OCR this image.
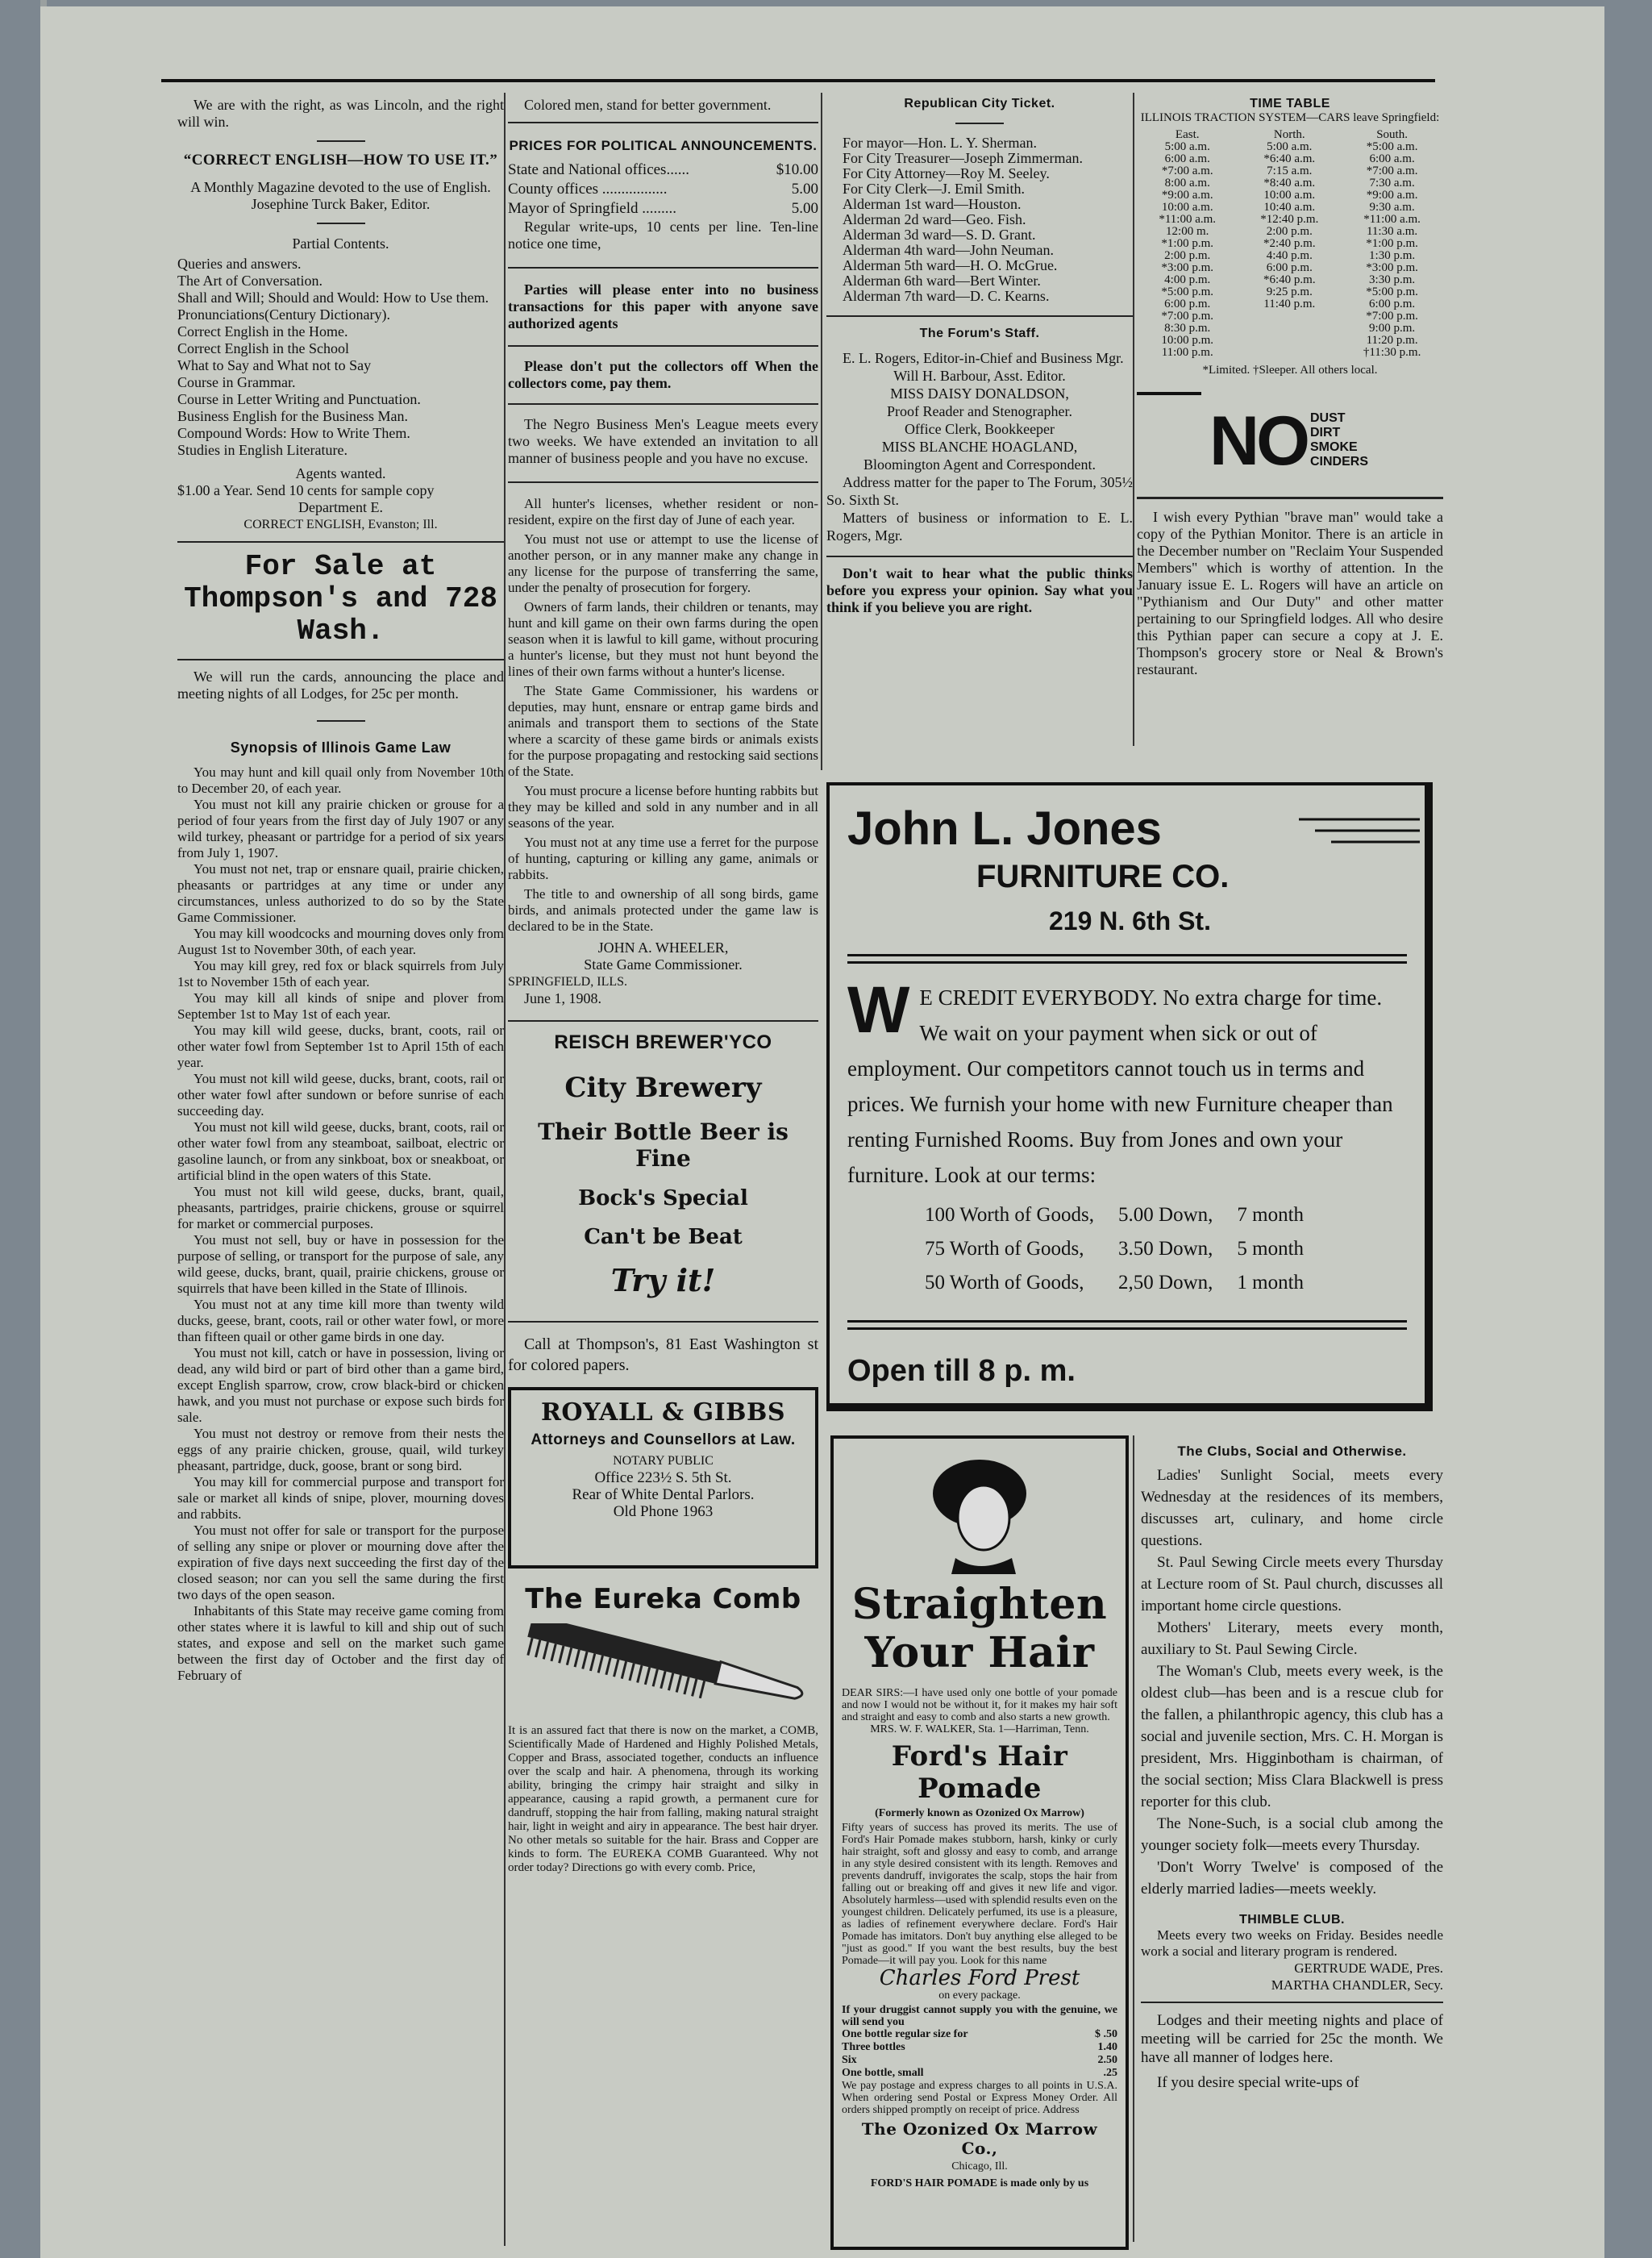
We are with the right, as was Lincoln, and the right will win.

“CORRECT ENGLISH—HOW TO USE IT.”

A Monthly Magazine devoted to the use of English.

Josephine Turck Baker, Editor.

Partial Contents.

Queries and answers.

The Art of Conversation.

Shall and Will; Should and Would: How to Use them.

Pronunciations(Century Dictionary).

Correct English in the Home.

Correct English in the School

What to Say and What not to Say

Course in Grammar.

Course in Letter Writing and Punctuation.

Business English for the Business Man.

Compound Words: How to Write Them.

Studies in English Literature.

Agents wanted.

$1.00 a Year. Send 10 cents for sample copy

Department E.

CORRECT ENGLISH, Evanston; Ill.

For Sale at Thompson's and 728 Wash.

We will run the cards, announcing the place and meeting nights of all Lodges, for 25c per month.

Synopsis of Illinois Game Law

You may hunt and kill quail only from November 10th to December 20, of each year.

You must not kill any prairie chicken or grouse for a period of four years from the first day of July 1907 or any wild turkey, pheasant or partridge for a period of six years from July 1, 1907.

You must not net, trap or ensnare quail, prairie chicken, pheasants or partridges at any time or under any circumstances, unless authorized to do so by the State Game Commissioner.

You may kill woodcocks and mourning doves only from August 1st to November 30th, of each year.

You may kill grey, red fox or black squirrels from July 1st to November 15th of each year.

You may kill all kinds of snipe and plover from September 1st to May 1st of each year.

You may kill wild geese, ducks, brant, coots, rail or other water fowl from September 1st to April 15th of each year.

You must not kill wild geese, ducks, brant, coots, rail or other water fowl after sundown or before sunrise of each succeeding day.

You must not kill wild geese, ducks, brant, coots, rail or other water fowl from any steamboat, sailboat, electric or gasoline launch, or from any sinkboat, box or sneakboat, or artificial blind in the open waters of this State.

You must not kill wild geese, ducks, brant, quail, pheasants, partridges, prairie chickens, grouse or squirrel for market or commercial purposes.

You must not sell, buy or have in possession for the purpose of selling, or transport for the purpose of sale, any wild geese, ducks, brant, quail, prairie chickens, grouse or squirrels that have been killed in the State of Illinois.

You must not at any time kill more than twenty wild ducks, geese, brant, coots, rail or other water fowl, or more than fifteen quail or other game birds in one day.

You must not kill, catch or have in possession, living or dead, any wild bird or part of bird other than a game bird, except English sparrow, crow, crow black-bird or chicken hawk, and you must not purchase or expose such birds for sale.

You must not destroy or remove from their nests the eggs of any prairie chicken, grouse, quail, wild turkey pheasant, partridge, duck, goose, brant or song bird.

You may kill for commercial purpose and transport for sale or market all kinds of snipe, plover, mourning doves and rabbits.

You must not offer for sale or transport for the purpose of selling any snipe or plover or mourning dove after the expiration of five days next succeeding the first day of the closed season; nor can you sell the same during the first two days of the open season.

Inhabitants of this State may receive game coming from other states where it is lawful to kill and ship out of such states, and expose and sell on the market such game between the first day of October and the first day of February of

Colored men, stand for better government.

PRICES FOR POLITICAL ANNOUNCEMENTS.

State and National offices......	$10.00
County offices .................	5.00
Mayor of Springfield .........	5.00

Regular write-ups, 10 cents per line. Ten-line notice one time,

Parties will please enter into no business transactions for this paper with anyone save authorized agents

Please don't put the collectors off When the collectors come, pay them.

The Negro Business Men's League meets every two weeks. We have extended an invitation to all manner of business people and you have no excuse.

All hunter's licenses, whether resident or non-resident, expire on the first day of June of each year.

You must not use or attempt to use the license of another person, or in any manner make any change in any license for the purpose of transferring the same, under the penalty of prosecution for forgery.

Owners of farm lands, their children or tenants, may hunt and kill game on their own farms during the open season when it is lawful to kill game, without procuring a hunter's license, but they must not hunt beyond the lines of their own farms without a hunter's license.

The State Game Commissioner, his wardens or deputies, may hunt, ensnare or entrap game birds and animals and transport them to sections of the State where a scarcity of these game birds or animals exists for the purpose propagating and restocking said sections of the State.

You must procure a license before hunting rabbits but they may be killed and sold in any number and in all seasons of the year.

You must not at any time use a ferret for the purpose of hunting, capturing or killing any game, animals or rabbits.

The title to and ownership of all song birds, game birds, and animals protected under the game law is declared to be in the State.

JOHN A. WHEELER,

State Game Commissioner.

SPRINGFIELD, ILLS.

June 1, 1908.

REISCH BREWER'YCO

City Brewery

Their Bottle Beer is Fine

Bock's Special

Can't be Beat

Try it!

Call at Thompson's, 81 East Washington st for colored papers.

ROYALL & GIBBS

Attorneys and Counsellors at Law.

NOTARY PUBLIC

Office 223½ S. 5th St.

Rear of White Dental Parlors.

Old Phone 1963

The Eureka Comb

It is an assured fact that there is now on the market, a COMB, Scientifically Made of Hardened and Highly Polished Metals, Copper and Brass, associated together, conducts an influence over the scalp and hair. A phenomena, through its working ability, bringing the crimpy hair straight and silky in appearance, causing a rapid growth, a permanent cure for dandruff, stopping the hair from falling, making natural straight hair, light in weight and airy in appearance. The best hair dryer. No other metals so suitable for the hair. Brass and Copper are kinds to form. The EUREKA COMB Guaranteed. Why not order today? Directions go with every comb. Price,

Republican City Ticket.

For mayor—Hon. L. Y. Sherman.

For City Treasurer—Joseph Zimmerman.

For City Attorney—Roy M. Seeley.

For City Clerk—J. Emil Smith.

Alderman 1st ward—Houston.

Alderman 2d ward—Geo. Fish.

Alderman 3d ward—S. D. Grant.

Alderman 4th ward—John Neuman.

Alderman 5th ward—H. O. McGrue.

Alderman 6th ward—Bert Winter.

Alderman 7th ward—D. C. Kearns.

The Forum's Staff.

E. L. Rogers, Editor-in-Chief and Business Mgr.

Will H. Barbour, Asst. Editor.

MISS DAISY DONALDSON,

Proof Reader and Stenographer.

Office Clerk, Bookkeeper

MISS BLANCHE HOAGLAND,

Bloomington Agent and Correspondent.

Address matter for the paper to The Forum, 305½ So. Sixth St.

Matters of business or information to E. L. Rogers, Mgr.

Don't wait to hear what the public thinks before you express your opinion. Say what you think if you believe you are right.

TIME TABLE

ILLINOIS TRACTION SYSTEM—CARS leave Springfield:

East.	North.	South.
5:00 a.m.	5:00 a.m.	*5:00 a.m.
6:00 a.m.	*6:40 a.m.	6:00 a.m.
*7:00 a.m.	7:15 a.m.	*7:00 a.m.
8:00 a.m.	*8:40 a.m.	7:30 a.m.
*9:00 a.m.	10:00 a.m.	*9:00 a.m.
10:00 a.m.	10:40 a.m.	9:30 a.m.
*11:00 a.m.	*12:40 p.m.	*11:00 a.m.
12:00 m.	2:00 p.m.	11:30 a.m.
*1:00 p.m.	*2:40 p.m.	*1:00 p.m.
2:00 p.m.	4:40 p.m.	1:30 p.m.
*3:00 p.m.	6:00 p.m.	*3:00 p.m.
4:00 p.m.	*6:40 p.m.	3:30 p.m.
*5:00 p.m.	9:25 p.m.	*5:00 p.m.
6:00 p.m.	11:40 p.m.	6:00 p.m.
*7:00 p.m.		*7:00 p.m.
8:30 p.m.		9:00 p.m.
10:00 p.m.		11:20 p.m.
11:00 p.m.		†11:30 p.m.

*Limited. †Sleeper. All others local.

NO DUST
DIRT
SMOKE
CINDERS

I wish every Pythian "brave man" would take a copy of the Pythian Monitor. There is an article in the December number on "Reclaim Your Suspended Members" which is worthy of attention. In the January issue E. L. Rogers will have an article on "Pythianism and Our Duty" and other matter pertaining to our Springfield lodges. All who desire this Pythian paper can secure a copy at J. E. Thompson's grocery store or Neal & Brown's restaurant.

John L. Jones

FURNITURE CO.

219 N. 6th St.

W E CREDIT EVERYBODY. No extra charge for time. We wait on your payment when sick or out of employment. Our competitors cannot touch us in terms and prices. We furnish your home with new Furniture cheaper than renting Furnished Rooms. Buy from Jones and own your furniture. Look at our terms:
100 Worth of Goods,	5.00 Down,	7 month
75 Worth of Goods,	3.50 Down,	5 month
50 Worth of Goods,	2,50 Down,	1 month

Open till 8 p. m.

Straighten Your Hair

DEAR SIRS:—I have used only one bottle of your pomade and now I would not be without it, for it makes my hair soft and straight and easy to comb and also starts a new growth.

MRS. W. F. WALKER, Sta. 1—Harriman, Tenn.

Ford's Hair Pomade

(Formerly known as Ozonized Ox Marrow)

Fifty years of success has proved its merits. The use of Ford's Hair Pomade makes stubborn, harsh, kinky or curly hair straight, soft and glossy and easy to comb, and arrange in any style desired consistent with its length. Removes and prevents dandruff, invigorates the scalp, stops the hair from falling out or breaking off and gives it new life and vigor. Absolutely harmless—used with splendid results even on the youngest children. Delicately perfumed, its use is a pleasure, as ladies of refinement everywhere declare. Ford's Hair Pomade has imitators. Don't buy anything else alleged to be "just as good." If you want the best results, buy the best Pomade—it will pay you. Look for this name

Charles Ford Prest

on every package.

If your druggist cannot supply you with the genuine, we will send you

One bottle regular size for	$ .50
Three bottles	1.40
Six	2.50
One bottle, small	.25

We pay postage and express charges to all points in U.S.A. When ordering send Postal or Express Money Order. All orders shipped promptly on receipt of price. Address

The Ozonized Ox Marrow Co.,

Chicago, Ill.

FORD'S HAIR POMADE is made only by us

The Clubs, Social and Otherwise.

Ladies' Sunlight Social, meets every Wednesday at the residences of its members, discusses art, culinary, and home circle questions.

St. Paul Sewing Circle meets every Thursday at Lecture room of St. Paul church, discusses all important home circle questions.

Mothers' Literary, meets every month, auxiliary to St. Paul Sewing Circle.

The Woman's Club, meets every week, is the oldest club—has been and is a rescue club for the fallen, a philanthropic agency, this club has a social and juvenile section, Mrs. C. H. Morgan is president, Mrs. Higginbotham is chairman, of the social section; Miss Clara Blackwell is press reporter for this club.

The None-Such, is a social club among the younger society folk—meets every Thursday.

'Don't Worry Twelve' is composed of the elderly married ladies—meets weekly.

THIMBLE CLUB.

Meets every two weeks on Friday. Besides needle work a social and literary program is rendered.

GERTRUDE WADE, Pres.

MARTHA CHANDLER, Secy.

Lodges and their meeting nights and place of meeting will be carried for 25c the month. We have all manner of lodges here.

If you desire special write-ups of
